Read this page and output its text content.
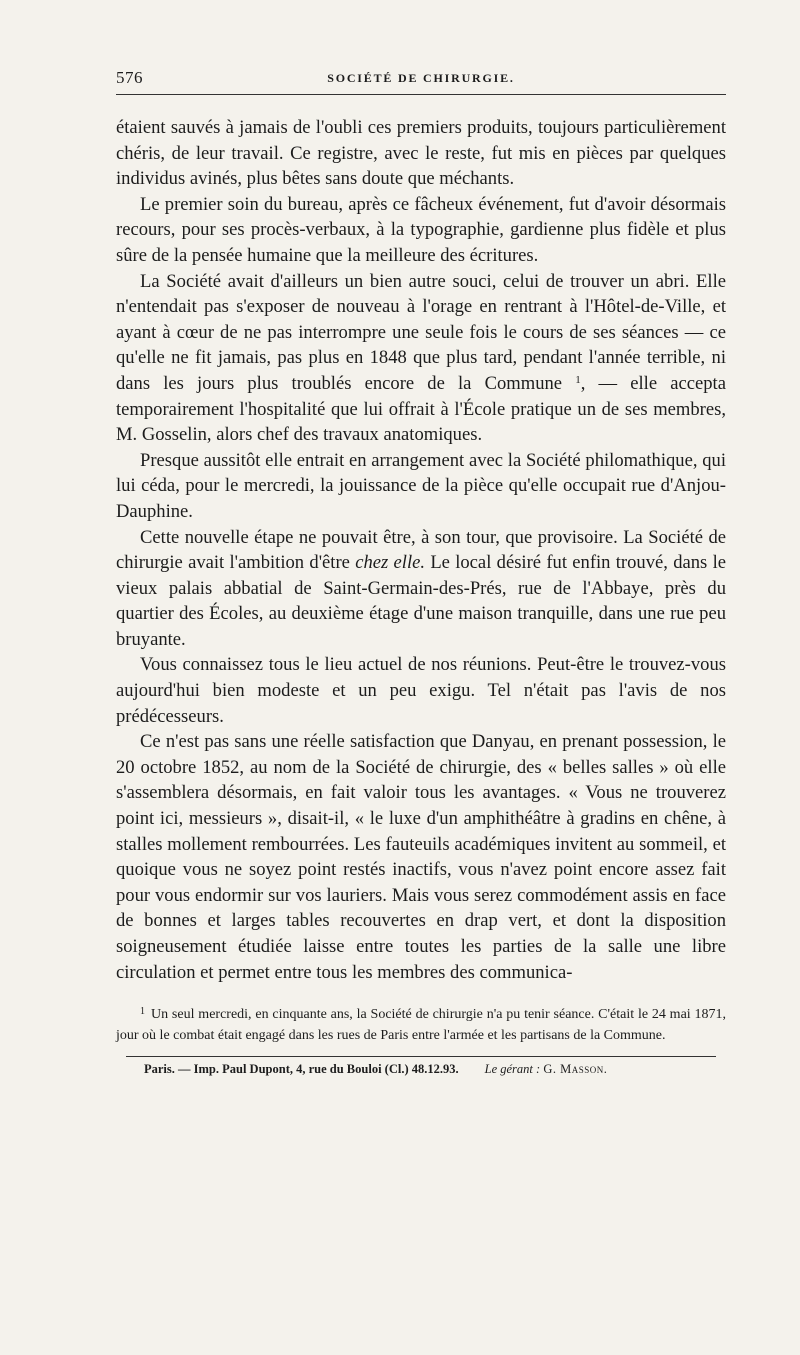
576	SOCIÉTÉ DE CHIRURGIE.

étaient sauvés à jamais de l'oubli ces premiers produits, toujours particulièrement chéris, de leur travail. Ce registre, avec le reste, fut mis en pièces par quelques individus avinés, plus bêtes sans doute que méchants.

Le premier soin du bureau, après ce fâcheux événement, fut d'avoir désormais recours, pour ses procès-verbaux, à la typographie, gardienne plus fidèle et plus sûre de la pensée humaine que la meilleure des écritures.

La Société avait d'ailleurs un bien autre souci, celui de trouver un abri. Elle n'entendait pas s'exposer de nouveau à l'orage en rentrant à l'Hôtel-de-Ville, et ayant à cœur de ne pas interrompre une seule fois le cours de ses séances — ce qu'elle ne fit jamais, pas plus en 1848 que plus tard, pendant l'année terrible, ni dans les jours plus troublés encore de la Commune $^1$, — elle accepta temporairement l'hospitalité que lui offrait à l'École pratique un de ses membres, M. Gosselin, alors chef des travaux anatomiques.

Presque aussitôt elle entrait en arrangement avec la Société philomathique, qui lui céda, pour le mercredi, la jouissance de la pièce qu'elle occupait rue d'Anjou-Dauphine.

Cette nouvelle étape ne pouvait être, à son tour, que provisoire. La Société de chirurgie avait l'ambition d'être chez elle. Le local désiré fut enfin trouvé, dans le vieux palais abbatial de Saint-Germain-des-Prés, rue de l'Abbaye, près du quartier des Écoles, au deuxième étage d'une maison tranquille, dans une rue peu bruyante.

Vous connaissez tous le lieu actuel de nos réunions. Peut-être le trouvez-vous aujourd'hui bien modeste et un peu exigu. Tel n'était pas l'avis de nos prédécesseurs.

Ce n'est pas sans une réelle satisfaction que Danyau, en prenant possession, le 20 octobre 1852, au nom de la Société de chirurgie, des « belles salles » où elle s'assemblera désormais, en fait valoir tous les avantages. « Vous ne trouverez point ici, messieurs », disait-il, « le luxe d'un amphithéâtre à gradins en chêne, à stalles mollement rembourrées. Les fauteuils académiques invitent au sommeil, et quoique vous ne soyez point restés inactifs, vous n'avez point encore assez fait pour vous endormir sur vos lauriers. Mais vous serez commodément assis en face de bonnes et larges tables recouvertes en drap vert, et dont la disposition soigneusement étudiée laisse entre toutes les parties de la salle une libre circulation et permet entre tous les membres des communica-

$^1$ Un seul mercredi, en cinquante ans, la Société de chirurgie n'a pu tenir séance. C'était le 24 mai 1871, jour où le combat était engagé dans les rues de Paris entre l'armée et les partisans de la Commune.

Paris. — Imp. Paul Dupont, 4, rue du Bouloi (Cl.) 48.12.93. Le gérant : G. Masson.
